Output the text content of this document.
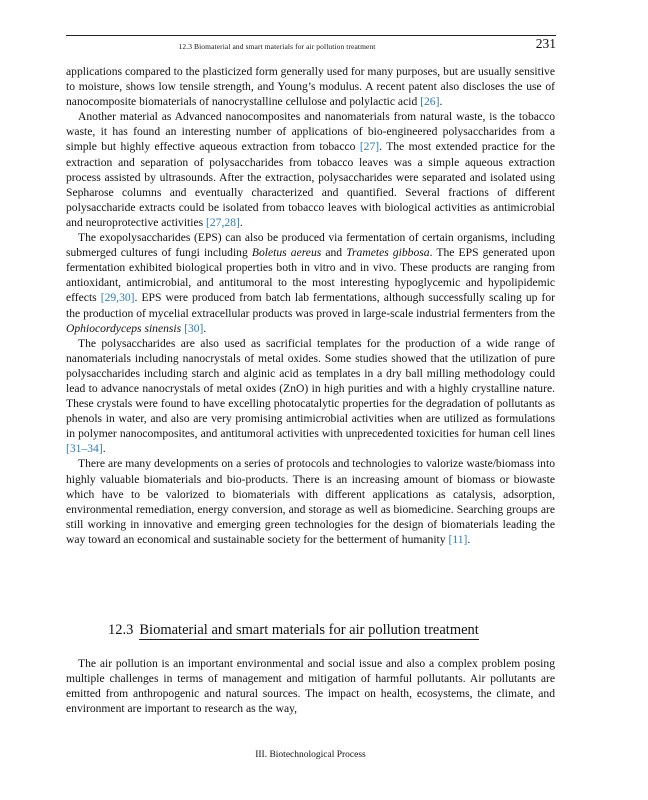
12.3 Biomaterial and smart materials for air pollution treatment	231

applications compared to the plasticized form generally used for many purposes, but are usually sensitive to moisture, shows low tensile strength, and Young’s modulus. A recent patent also discloses the use of nanocomposite biomaterials of nanocrystalline cellulose and polylactic acid [26].

Another material as Advanced nanocomposites and nanomaterials from natural waste, is the tobacco waste, it has found an interesting number of applications of bio-engineered polysaccharides from a simple but highly effective aqueous extraction from tobacco [27]. The most extended practice for the extraction and separation of polysaccharides from tobacco leaves was a simple aqueous extraction process assisted by ultrasounds. After the extraction, polysaccharides were separated and isolated using Sepharose columns and eventually characterized and quantified. Several fractions of different polysaccharide extracts could be isolated from tobacco leaves with biological activities as antimicrobial and neuroprotective activities [27,28].

The exopolysaccharides (EPS) can also be produced via fermentation of certain organisms, including submerged cultures of fungi including Boletus aereus and Trametes gibbosa. The EPS generated upon fermentation exhibited biological properties both in vitro and in vivo. These products are ranging from antioxidant, antimicrobial, and antitumoral to the most interesting hypoglycemic and hypolipidemic effects [29,30]. EPS were produced from batch lab fermentations, although successfully scaling up for the production of mycelial extracellular products was proved in large-scale industrial fermenters from the Ophiocordyceps sinensis [30].

The polysaccharides are also used as sacrificial templates for the production of a wide range of nanomaterials including nanocrystals of metal oxides. Some studies showed that the utilization of pure polysaccharides including starch and alginic acid as templates in a dry ball milling methodology could lead to advance nanocrystals of metal oxides (ZnO) in high purities and with a highly crystalline nature. These crystals were found to have excelling photocatalytic properties for the degradation of pollutants as phenols in water, and also are very promising antimicrobial activities when are utilized as formulations in polymer nanocomposites, and antitumoral activities with unprecedented toxicities for human cell lines [31–34].

There are many developments on a series of protocols and technologies to valorize waste/biomass into highly valuable biomaterials and bio-products. There is an increasing amount of biomass or biowaste which have to be valorized to biomaterials with different applications as catalysis, adsorption, environmental remediation, energy conversion, and storage as well as biomedicine. Searching groups are still working in innovative and emerging green technologies for the design of biomaterials leading the way toward an economical and sustainable society for the betterment of humanity [11].

12.3 Biomaterial and smart materials for air pollution treatment

The air pollution is an important environmental and social issue and also a complex problem posing multiple challenges in terms of management and mitigation of harmful pollutants. Air pollutants are emitted from anthropogenic and natural sources. The impact on health, ecosystems, the climate, and environment are important to research as the way,

III. Biotechnological Process
